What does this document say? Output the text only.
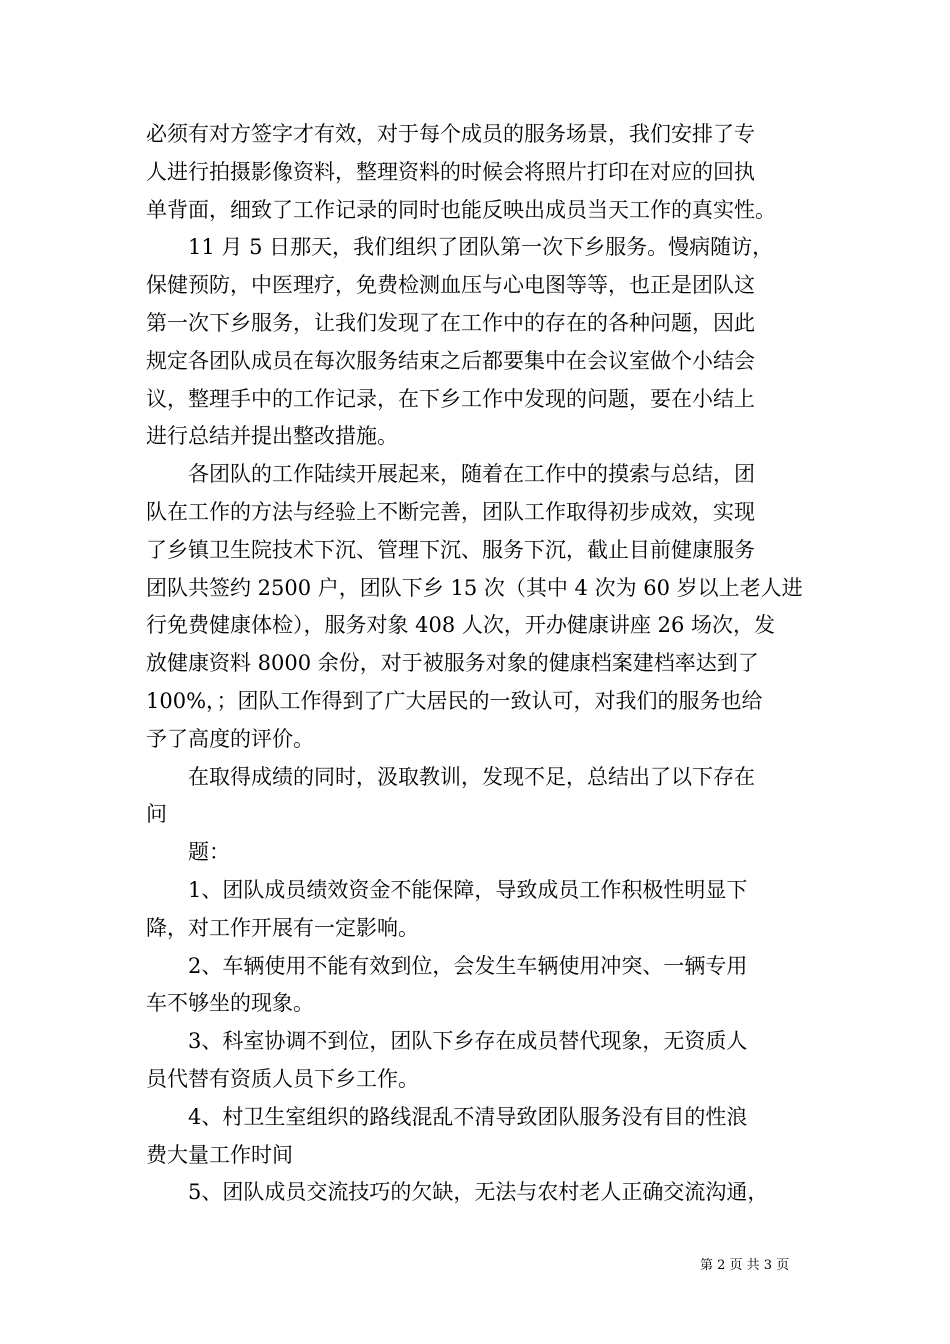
必须有对方签字才有效，对于每个成员的服务场景，我们安排了专
人进行拍摄影像资料，整理资料的时候会将照片打印在对应的回执
单背面，细致了工作记录的同时也能反映出成员当天工作的真实性。
11 月 5 日那天，我们组织了团队第一次下乡服务。慢病随访，
保健预防，中医理疗，免费检测血压与心电图等等，也正是团队这
第一次下乡服务，让我们发现了在工作中的存在的各种问题，因此
规定各团队成员在每次服务结束之后都要集中在会议室做个小结会
议，整理手中的工作记录，在下乡工作中发现的问题，要在小结上
进行总结并提出整改措施。
各团队的工作陆续开展起来，随着在工作中的摸索与总结，团
队在工作的方法与经验上不断完善，团队工作取得初步成效，实现
了乡镇卫生院技术下沉、管理下沉、服务下沉，截止目前健康服务
团队共签约 2500 户，团队下乡 15 次（其中 4 次为 60 岁以上老人进
行免费健康体检），服务对象 408 人次，开办健康讲座 26 场次，发
放健康资料 8000 余份，对于被服务对象的健康档案建档率达到了
100%，；团队工作得到了广大居民的一致认可，对我们的服务也给
予了高度的评价。
在取得成绩的同时，汲取教训，发现不足，总结出了以下存在
问
题：
1、团队成员绩效资金不能保障，导致成员工作积极性明显下
降，对工作开展有一定影响。
2、车辆使用不能有效到位，会发生车辆使用冲突、一辆专用
车不够坐的现象。
3、科室协调不到位，团队下乡存在成员替代现象，无资质人
员代替有资质人员下乡工作。
4、村卫生室组织的路线混乱不清导致团队服务没有目的性浪
费大量工作时间
5、团队成员交流技巧的欠缺，无法与农村老人正确交流沟通，
第 2 页 共 3 页
